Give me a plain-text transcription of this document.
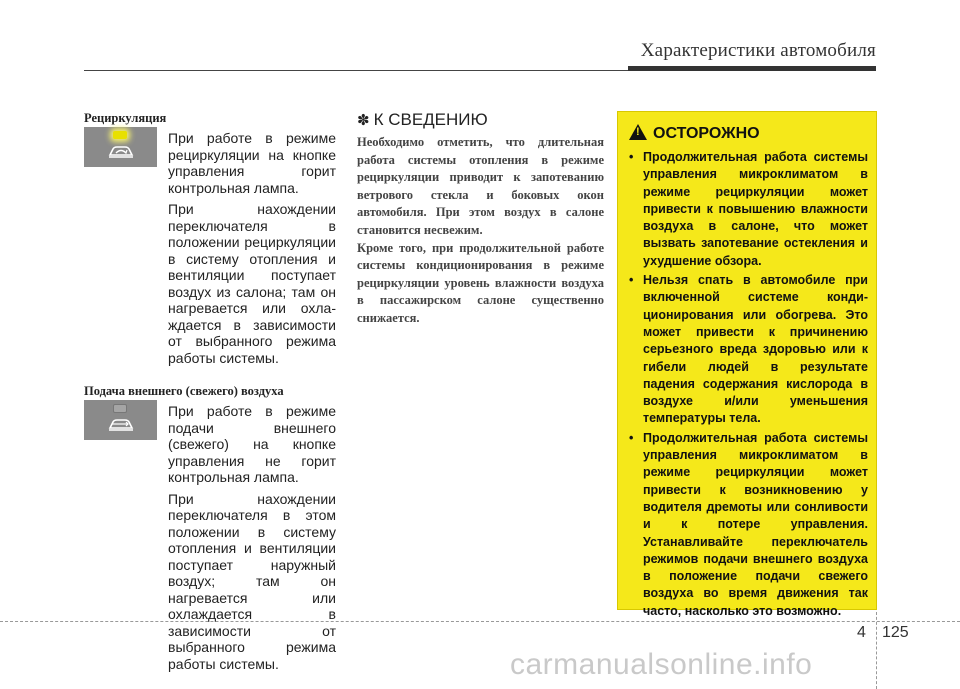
Характеристики автомобиля
Рециркуляция

При работе в режиме рециркуляции на кнопке управления горит контрольная лампа.

При нахождении переключателя в положении рециркуляции в систему отопления и вентиляции поступает воздух из салона; там он нагревается или охла-ждается в зависимости от выбранного режима работы системы.

Подача внешнего (свежего) воздуха

При работе в режиме подачи внешнего (свежего) на кнопке управления не горит контрольная лампа.

При нахождении переключателя в этом положении в систему отопления и вентиляции поступает наружный воздух; там он нагревается или охлаждается в зависимости от выбранного режима работы системы.

✽ К СВЕДЕНИЮ

Необходимо отметить, что длительная работа системы отопления в режиме рециркуляции приводит к запотеванию ветрового стекла и боковых окон автомобиля. При этом воздух в салоне становится несвежим.

Кроме того, при продолжительной работе системы кондиционирования в режиме рециркуляции уровень влажности воздуха в пассажирском салоне существенно снижается.

!ОСТОРОЖНО
• Продолжительная работа системы управления микроклиматом в режиме рециркуляции может привести к повышению влажности воздуха в салоне, что может вызвать запотевание остекления и ухудшение обзора.
• Нельзя спать в автомобиле при включенной системе конди-ционирования или обогрева. Это может привести к причинению серьезного вреда здоровью или к гибели людей в результате падения содержания кислорода в воздухе и/или уменьшения температуры тела.
• Продолжительная работа системы управления микроклиматом в режиме рециркуляции может привести к возникновению у водителя дремоты или сонливости и к потере управления. Устанавливайте переключатель режимов подачи внешнего воздуха в положение подачи свежего воздуха во время движения так часто, насколько это возможно.
4 125
carmanualsonline.info
